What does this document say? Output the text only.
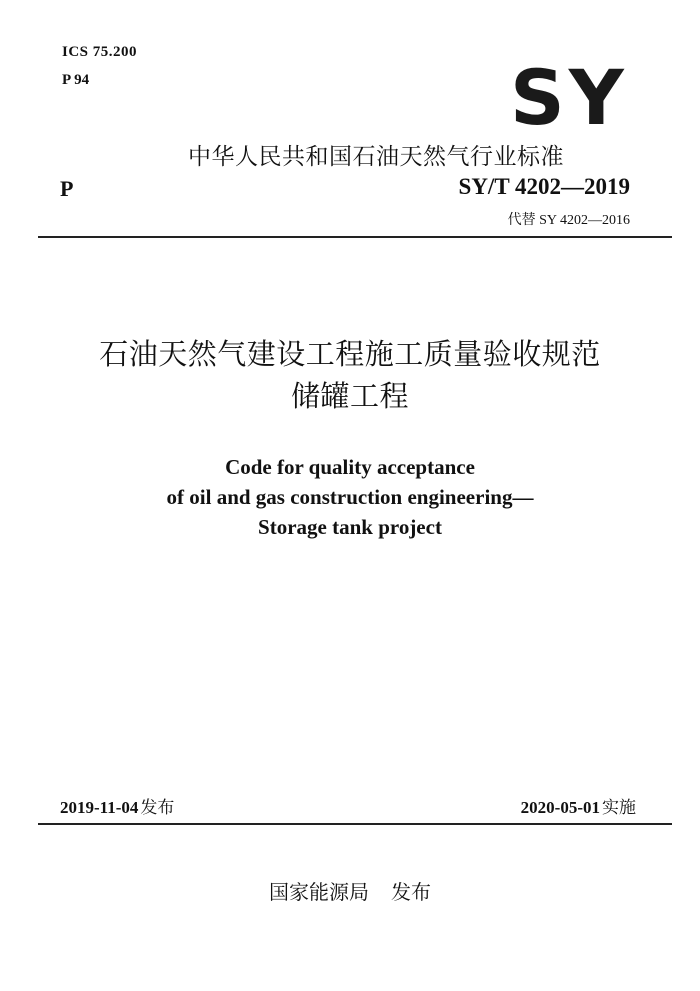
ICS 75.200
P 94	SY
中华人民共和国石油天然气行业标准
P	SY/T 4202—2019
代替 SY 4202—2016
石油天然气建设工程施工质量验收规范
储罐工程
Code for quality acceptance
of oil and gas construction engineering—
Storage tank project
2019-11-04 发布	2020-05-01 实施
国家能源局 发布
